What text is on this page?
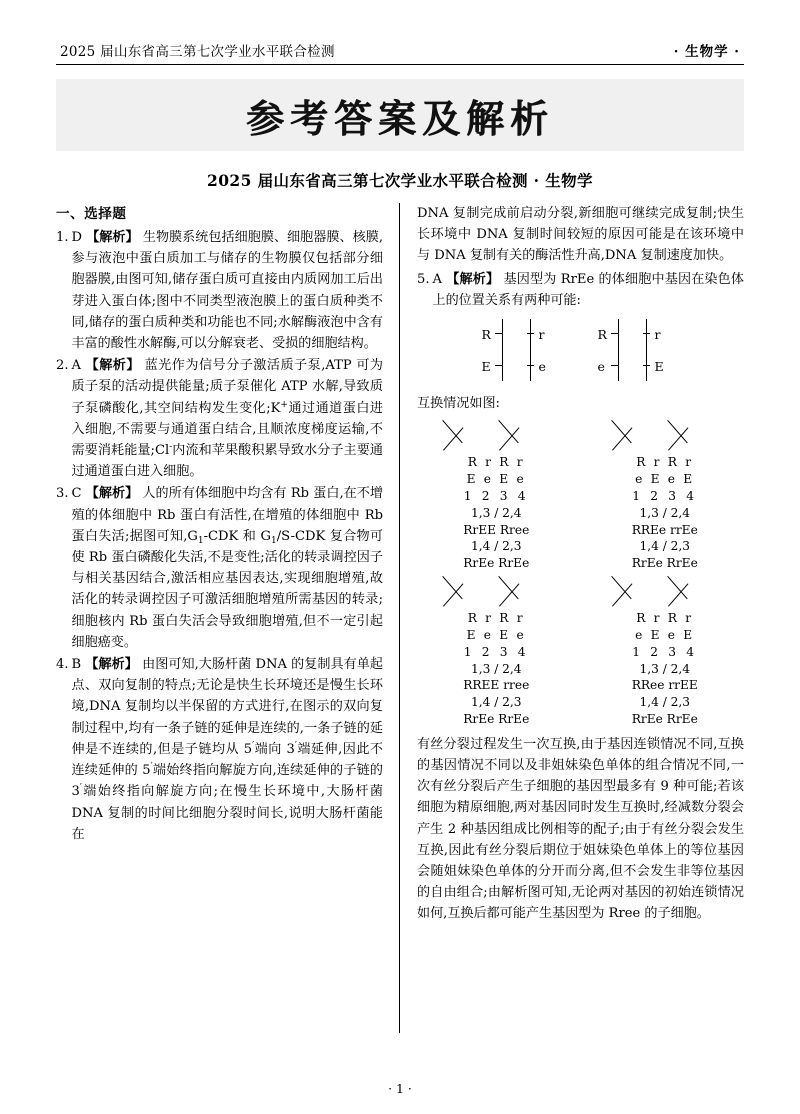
2025 届山东省高三第七次学业水平联合检测	· 生物学 ·
参考答案及解析
2025 届山东省高三第七次学业水平联合检测 · 生物学
一、选择题
1. D 【解析】 生物膜系统包括细胞膜、细胞器膜、核膜,参与液泡中蛋白质加工与储存的生物膜仅包括部分细胞器膜,由图可知,储存蛋白质可直接由内质网加工后出芽进入蛋白体;图中不同类型液泡膜上的蛋白质种类不同,储存的蛋白质种类和功能也不同;水解酶液泡中含有丰富的酸性水解酶,可以分解衰老、受损的细胞结构。
2. A 【解析】 蓝光作为信号分子激活质子泵,ATP 可为质子泵的活动提供能量;质子泵催化 ATP 水解,导致质子泵磷酸化,其空间结构发生变化;K+通过通道蛋白进入细胞,不需要与通道蛋白结合,且顺浓度梯度运输,不需要消耗能量;Cl-内流和苹果酸积累导致水分子主要通过通道蛋白进入细胞。
3. C 【解析】 人的所有体细胞中均含有 Rb 蛋白,在不增殖的体细胞中 Rb 蛋白有活性,在增殖的体细胞中 Rb 蛋白失活;据图可知$,G_1$-CDK 和 $G_1/S$-CDK 复合物可使 Rb 蛋白磷酸化失活,不是变性;活化的转录调控因子与相关基因结合,激活相应基因表达,实现细胞增殖,故活化的转录调控因子可激活细胞增殖所需基因的转录;细胞核内 Rb 蛋白失活会导致细胞增殖,但不一定引起细胞癌变。
4. B 【解析】 由图可知,大肠杆菌 DNA 的复制具有单起点、双向复制的特点;无论是快生长环境还是慢生长环境,DNA 复制均以半保留的方式进行,在图示的双向复制过程中,均有一条子链的延伸是连续的,一条子链的延伸是不连续的,但是子链均从 5′端向 3′端延伸,因此不连续延伸的 5′端始终指向解旋方向,连续延伸的子链的 3′端始终指向解旋方向;在慢生长环境中,大肠杆菌 DNA 复制的时间比细胞分裂时间长,说明大肠杆菌能在

DNA 复制完成前启动分裂,新细胞可继续完成复制;快生长环境中 DNA 复制时间较短的原因可能是在该环境中与 DNA 复制有关的酶活性升高,DNA 复制速度加快。

5. A 【解析】 基因型为 RrEe 的体细胞中基因在染色体上的位置关系有两种可能:
R	r
E	e
R	r
e	E
互换情况如图:
R r R r
E e E e
1 2 3 4
1,3 / 2,4
RrEE Rree
1,4 / 2,3
RrEe RrEe
R r R r
e E e E
1 2 3 4
1,3 / 2,4
RREe rrEe
1,4 / 2,3
RrEe RrEe
R r R r
E e E e
1 2 3 4
1,3 / 2,4
RREE rree
1,4 / 2,3
RrEe RrEe
R r R r
e E e E
1 2 3 4
1,3 / 2,4
RRee rrEE
1,4 / 2,3
RrEe RrEe

有丝分裂过程发生一次互换,由于基因连锁情况不同,互换的基因情况不同以及非姐妹染色单体的组合情况不同,一次有丝分裂后产生子细胞的基因型最多有 9 种可能;若该细胞为精原细胞,两对基因同时发生互换时,经减数分裂会产生 2 种基因组成比例相等的配子;由于有丝分裂会发生互换,因此有丝分裂后期位于姐妹染色单体上的等位基因会随姐妹染色单体的分开而分离,但不会发生非等位基因的自由组合;由解析图可知,无论两对基因的初始连锁情况如何,互换后都可能产生基因型为 Rree 的子细胞。

· 1 ·
